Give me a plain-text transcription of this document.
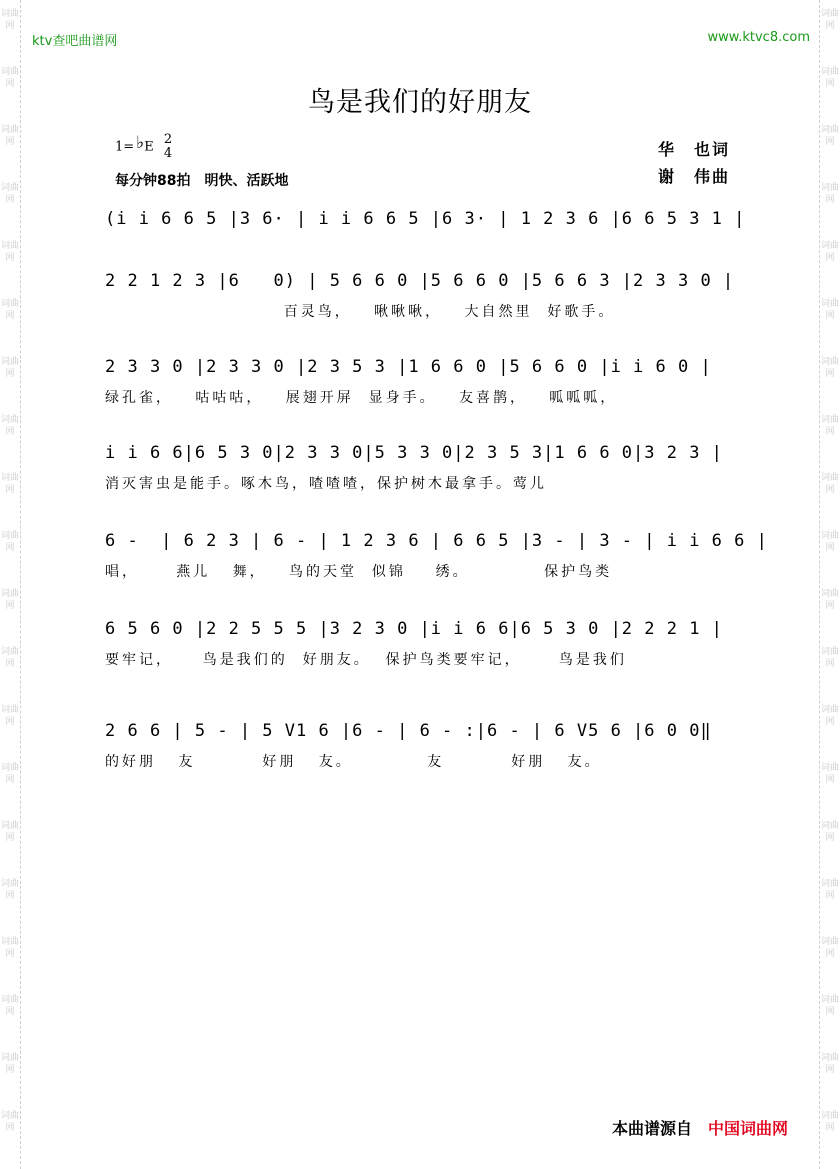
词曲网
词曲网
词曲网
词曲网
词曲网
词曲网
词曲网
词曲网
词曲网
词曲网
词曲网
词曲网
词曲网
词曲网
词曲网
词曲网
词曲网
词曲网
词曲网
词曲网
词曲网
词曲网
词曲网
词曲网
词曲网
词曲网
词曲网
词曲网
词曲网
词曲网
词曲网
词曲网
词曲网
词曲网
词曲网
词曲网
词曲网
词曲网
词曲网
词曲网
ktv查吧曲谱网	www.ktvc8.com
鸟是我们的好朋友
1= ♭E 2
4
每分钟88拍　明快、活跃地
华　也词
谢　伟曲
(i i 6 6 5 |3 6· | i i 6 6 5 |6 3· | 1 2 3 6 |6 6 5 3 1 |
2 2 1 2 3 |6   0) | 5 6 6 0 |5 6 6 0 |5 6 6 3 |2 3 3 0 |
百灵鸟，   啾啾啾，   大自然里  好歌手。
2 3 3 0 |2 3 3 0 |2 3 5 3 |1 6 6 0 |5 6 6 0 |i i 6 0 |
绿孔雀，   咕咕咕，   展翅开屏  显身手。   友喜鹊，   呱呱呱，
i i 6 6|6 5 3 0|2 3 3 0|5 3 3 0|2 3 5 3|1 6 6 0|3 2 3 |
消灭害虫是能手。啄木鸟，喳喳喳，保护树木最拿手。莺儿
6 -  | 6 2 3 | 6 - | 1 2 3 6 | 6 6 5 |3 - | 3 - | i i 6 6 |
唱，     燕儿   舞，   鸟的天堂  似锦    绣。          保护鸟类
6 5 6 0 |2 2 5 5 5 |3 2 3 0 |i i 6 6|6 5 3 0 |2 2 2 1 |
要牢记，    鸟是我们的  好朋友。  保护鸟类要牢记，     鸟是我们
2 6 6 | 5 - | 5 V1 6 |6 - | 6 - :|6 - | 6 V5 6 |6 0 0‖
的好朋   友         好朋   友。          友         好朋   友。
本曲谱源自 中国词曲网
